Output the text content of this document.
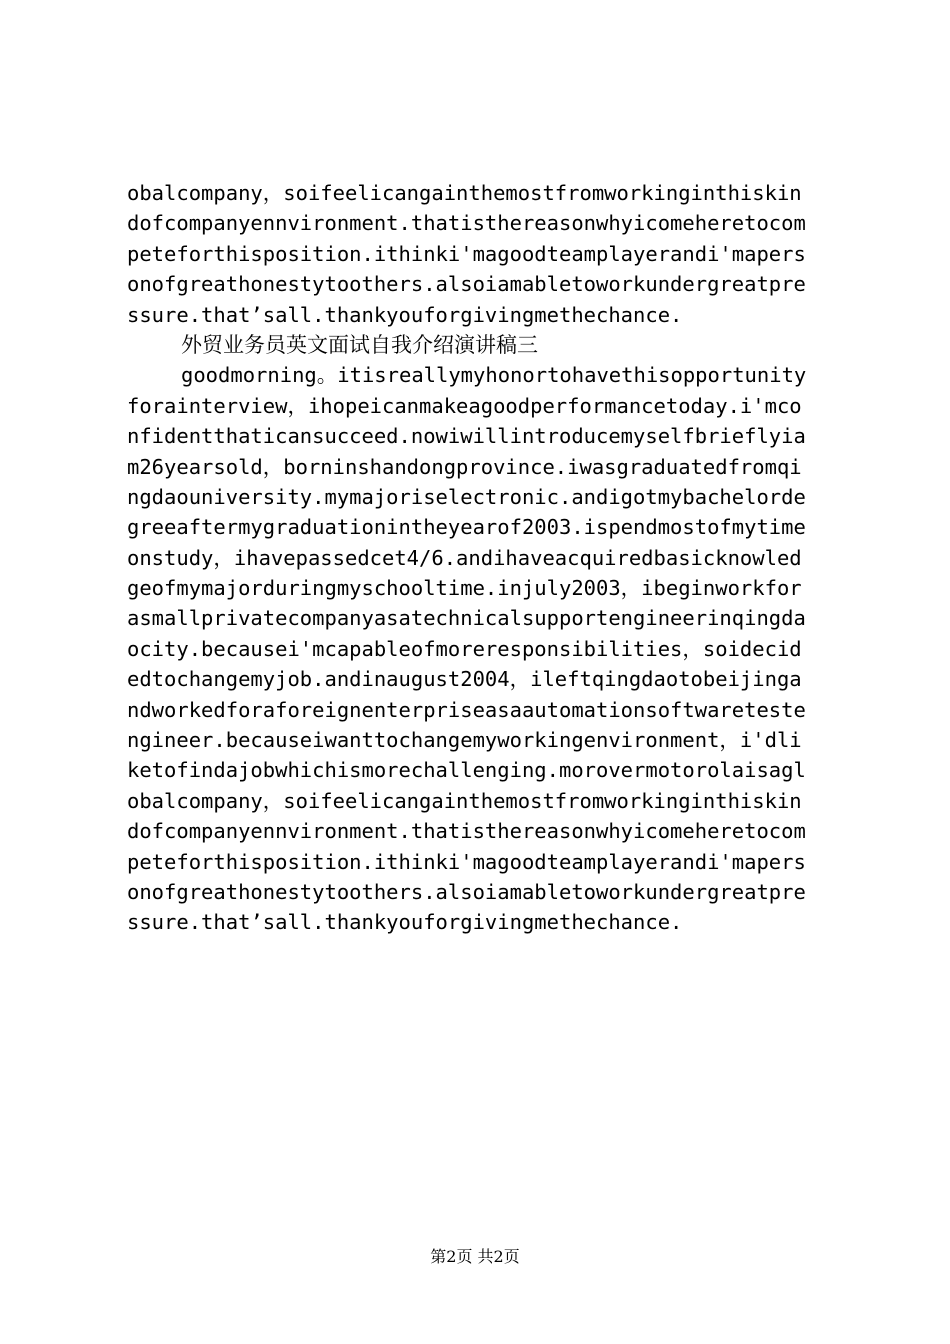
obalcompany，soifeelicangainthemostfromworkinginthiskin
dofcompanyennvironment.thatisthereasonwhyicomeheretocom
peteforthisposition.ithinki'magoodteamplayerandi'mapers
onofgreathonestytoothers.alsoiamabletoworkundergreatpre
ssure.that’sall.thankyouforgivingmethechance.
外贸业务员英文面试自我介绍演讲稿三
goodmorning。itisreallymyhonortohavethisopportunity
forainterview，ihopeicanmakeagoodperformancetoday.i'mco
nfidentthaticansucceed.nowiwillintroducemyselfbrieflyia
m26yearsold，borninshandongprovince.iwasgraduatedfromqi
ngdaouniversity.mymajoriselectronic.andigotmybachelorde
greeaftermygraduationintheyearof2003.ispendmostofmytime
onstudy，ihavepassedcet4/6.andihaveacquiredbasicknowled
geofmymajorduringmyschooltime.injuly2003，ibeginworkfor
asmallprivatecompanyasatechnicalsupportengineerinqingda
ocity.becausei'mcapableofmoreresponsibilities，soidecid
edtochangemyjob.andinaugust2004，ileftqingdaotobeijinga
ndworkedforaforeignenterpriseasaautomationsoftwareteste
ngineer.becauseiwanttochangemyworkingenvironment，i'dli
ketofindajobwhichismorechallenging.morovermotorolaisagl
obalcompany，soifeelicangainthemostfromworkinginthiskin
dofcompanyennvironment.thatisthereasonwhyicomeheretocom
peteforthisposition.ithinki'magoodteamplayerandi'mapers
onofgreathonestytoothers.alsoiamabletoworkundergreatpre
ssure.that’sall.thankyouforgivingmethechance.
第2页 共2页
